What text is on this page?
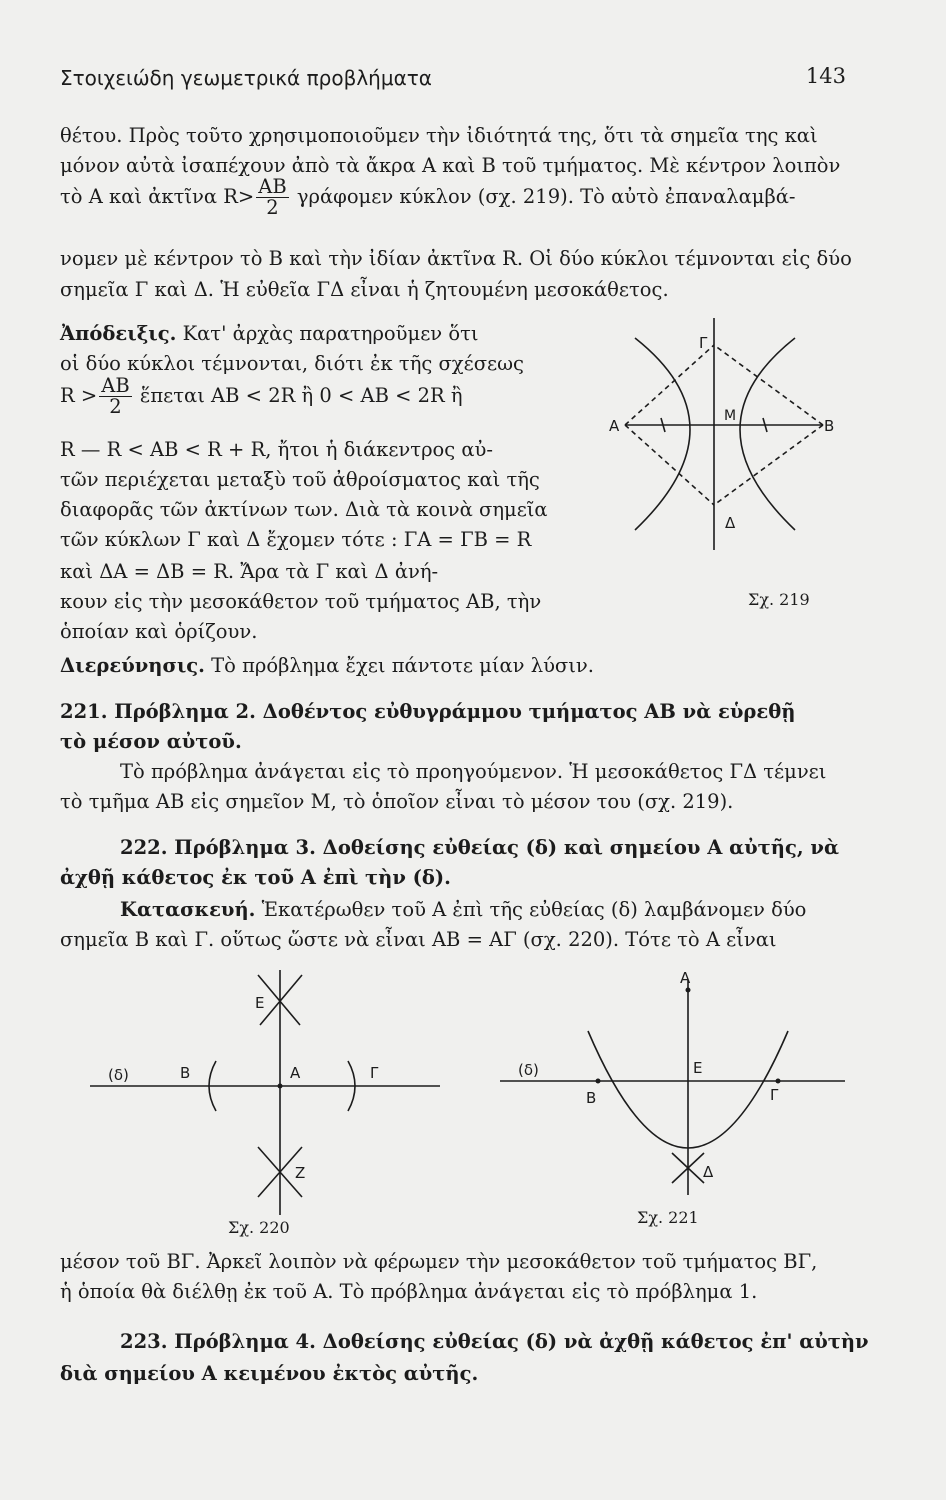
Στοιχειώδη γεωμετρικά προβλήματα	143
θέτου. Πρὸς τοῦτο χρησιμοποιοῦμεν τὴν ἰδιότητά της, ὅτι τὰ σημεῖα της καὶ
μόνον αὐτὰ ἰσαπέχουν ἀπὸ τὰ ἄκρα Α καὶ Β τοῦ τμήματος. Μὲ κέντρον λοιπὸν
τὸ Α καὶ ἀκτῖνα $R> \frac{AB}{2}$ γράφομεν κύκλον (σχ. 219). Τὸ αὐτὸ ἐπαναλαμβά-
νομεν μὲ κέντρον τὸ Β καὶ τὴν ἰδίαν ἀκτῖνα R. Οἱ δύο κύκλοι τέμνονται εἰς δύο
σημεῖα Γ καὶ Δ. Ἡ εὐθεῖα ΓΔ εἶναι ἡ ζητουμένη μεσοκάθετος.
Ἀπόδειξις. Κατ' ἀρχὰς παρατηροῦμεν ὅτι
οἱ δύο κύκλοι τέμνονται, διότι ἐκ τῆς σχέσεως
$R > \frac{AB}{2}$ ἕπεται AB < 2R ἢ 0 < AB < 2R ἢ
R — R < AB < R + R, ἤτοι ἡ διάκεντρος αὐ-
τῶν περιέχεται μεταξὺ τοῦ ἀθροίσματος καὶ τῆς
διαφορᾶς τῶν ἀκτίνων των. Διὰ τὰ κοινὰ σημεῖα
τῶν κύκλων Γ καὶ Δ ἔχομεν τότε : ΓΑ = ΓΒ = R
καὶ ΔΑ = ΔΒ = R. Ἄρα τὰ Γ καὶ Δ ἀνή-
κουν εἰς τὴν μεσοκάθετον τοῦ τμήματος ΑΒ, τὴν
ὁποίαν καὶ ὁρίζουν.
Διερεύνησις. Τὸ πρόβλημα ἔχει πάντοτε μίαν λύσιν.
221. Πρόβλημα 2. Δοθέντος εὐθυγράμμου τμήματος ΑΒ νὰ εὑρεθῇ
τὸ μέσον αὐτοῦ.
Τὸ πρόβλημα ἀνάγεται εἰς τὸ προηγούμενον. Ἡ μεσοκάθετος ΓΔ τέμνει
τὸ τμῆμα ΑΒ εἰς σημεῖον Μ, τὸ ὁποῖον εἶναι τὸ μέσον του (σχ. 219).
222. Πρόβλημα 3. Δοθείσης εὐθείας (δ) καὶ σημείου Α αὐτῆς, νὰ
ἀχθῇ κάθετος ἐκ τοῦ Α ἐπὶ τὴν (δ).
Κατασκευή. Ἑκατέρωθεν τοῦ Α ἐπὶ τῆς εὐθείας (δ) λαμβάνομεν δύο
σημεῖα Β καὶ Γ. οὕτως ὥστε νὰ εἶναι ΑΒ = ΑΓ (σχ. 220). Τότε τὸ Α εἶναι
μέσον τοῦ ΒΓ. Ἀρκεῖ λοιπὸν νὰ φέρωμεν τὴν μεσοκάθετον τοῦ τμήματος ΒΓ,
ἡ ὁποία θὰ διέλθῃ ἐκ τοῦ Α. Τὸ πρόβλημα ἀνάγεται εἰς τὸ πρόβλημα 1.
223. Πρόβλημα 4. Δοθείσης εὐθείας (δ) νὰ ἀχθῇ κάθετος ἐπ' αὐτὴν
διὰ σημείου Α κειμένου ἐκτὸς αὐτῆς.
Γ
A	B
M
Δ
Σχ. 219
(δ)	B	A	Γ
E
Z
Σχ. 220
(δ)
A
B	Γ
E
Δ
Σχ. 221
